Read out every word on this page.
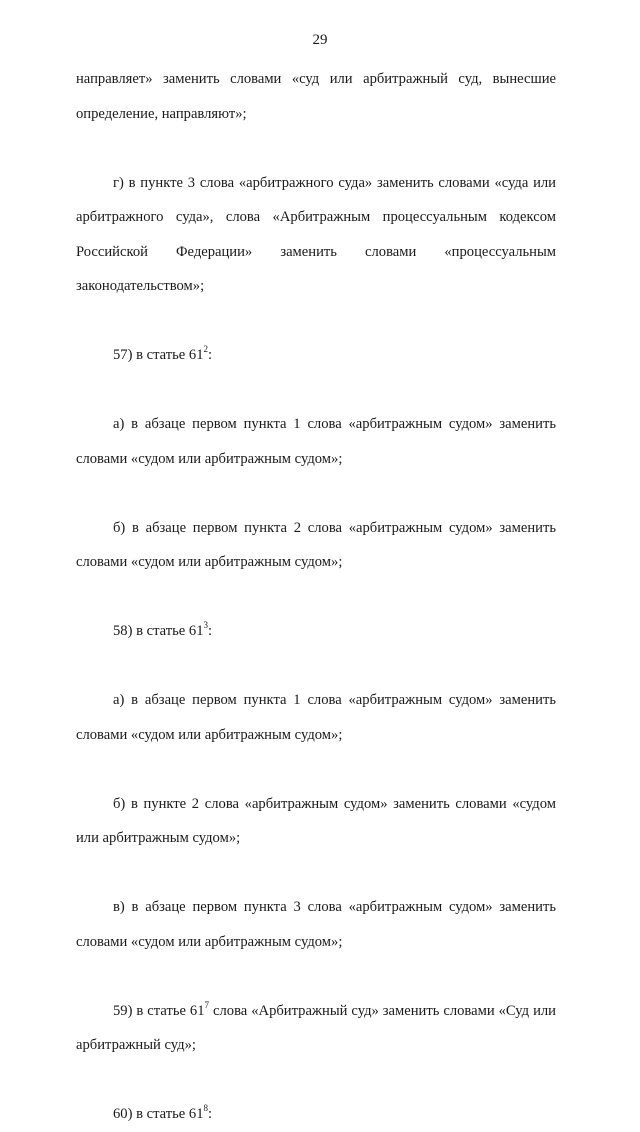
29

направляет» заменить словами «суд или арбитражный суд, вынесшие определение, направляют»;

г) в пункте 3 слова «арбитражного суда» заменить словами «суда или арбитражного суда», слова «Арбитражным процессуальным кодексом Российской Федерации» заменить словами «процессуальным законодательством»;

57) в статье $61^2$:

а) в абзаце первом пункта 1 слова «арбитражным судом» заменить словами «судом или арбитражным судом»;

б) в абзаце первом пункта 2 слова «арбитражным судом» заменить словами «судом или арбитражным судом»;

58) в статье $61^3$:

а) в абзаце первом пункта 1 слова «арбитражным судом» заменить словами «судом или арбитражным судом»;

б) в пункте 2 слова «арбитражным судом» заменить словами «судом или арбитражным судом»;

в) в абзаце первом пункта 3 слова «арбитражным судом» заменить словами «судом или арбитражным судом»;

59) в статье $61^7$ слова «Арбитражный суд» заменить словами «Суд или арбитражный суд»;

60) в статье $61^8$:
